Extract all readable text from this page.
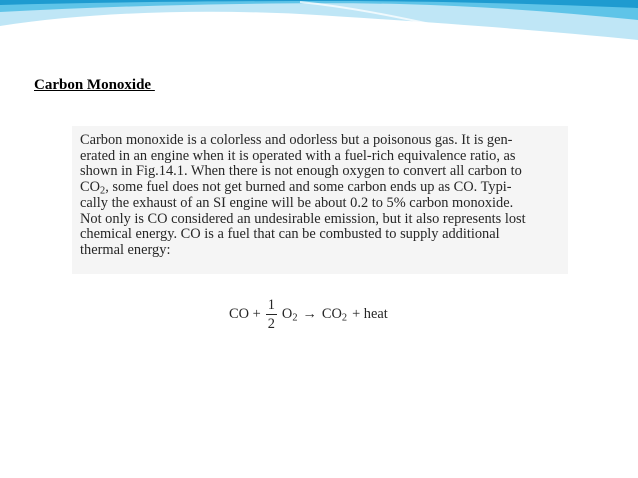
Carbon Monoxide
Carbon monoxide is a colorless and odorless but a poisonous gas. It is gen-
erated in an engine when it is operated with a fuel-rich equivalence ratio, as
shown in Fig.14.1. When there is not enough oxygen to convert all carbon to
$CO_2$, some fuel does not get burned and some carbon ends up as CO. Typi-
cally the exhaust of an SI engine will be about 0.2 to 5% carbon monoxide.
Not only is CO considered an undesirable emission, but it also represents lost
chemical energy. CO is a fuel that can be combusted to supply additional
thermal energy:
CO + $\frac{1}{2} O_2 \to CO_2$ + heat
